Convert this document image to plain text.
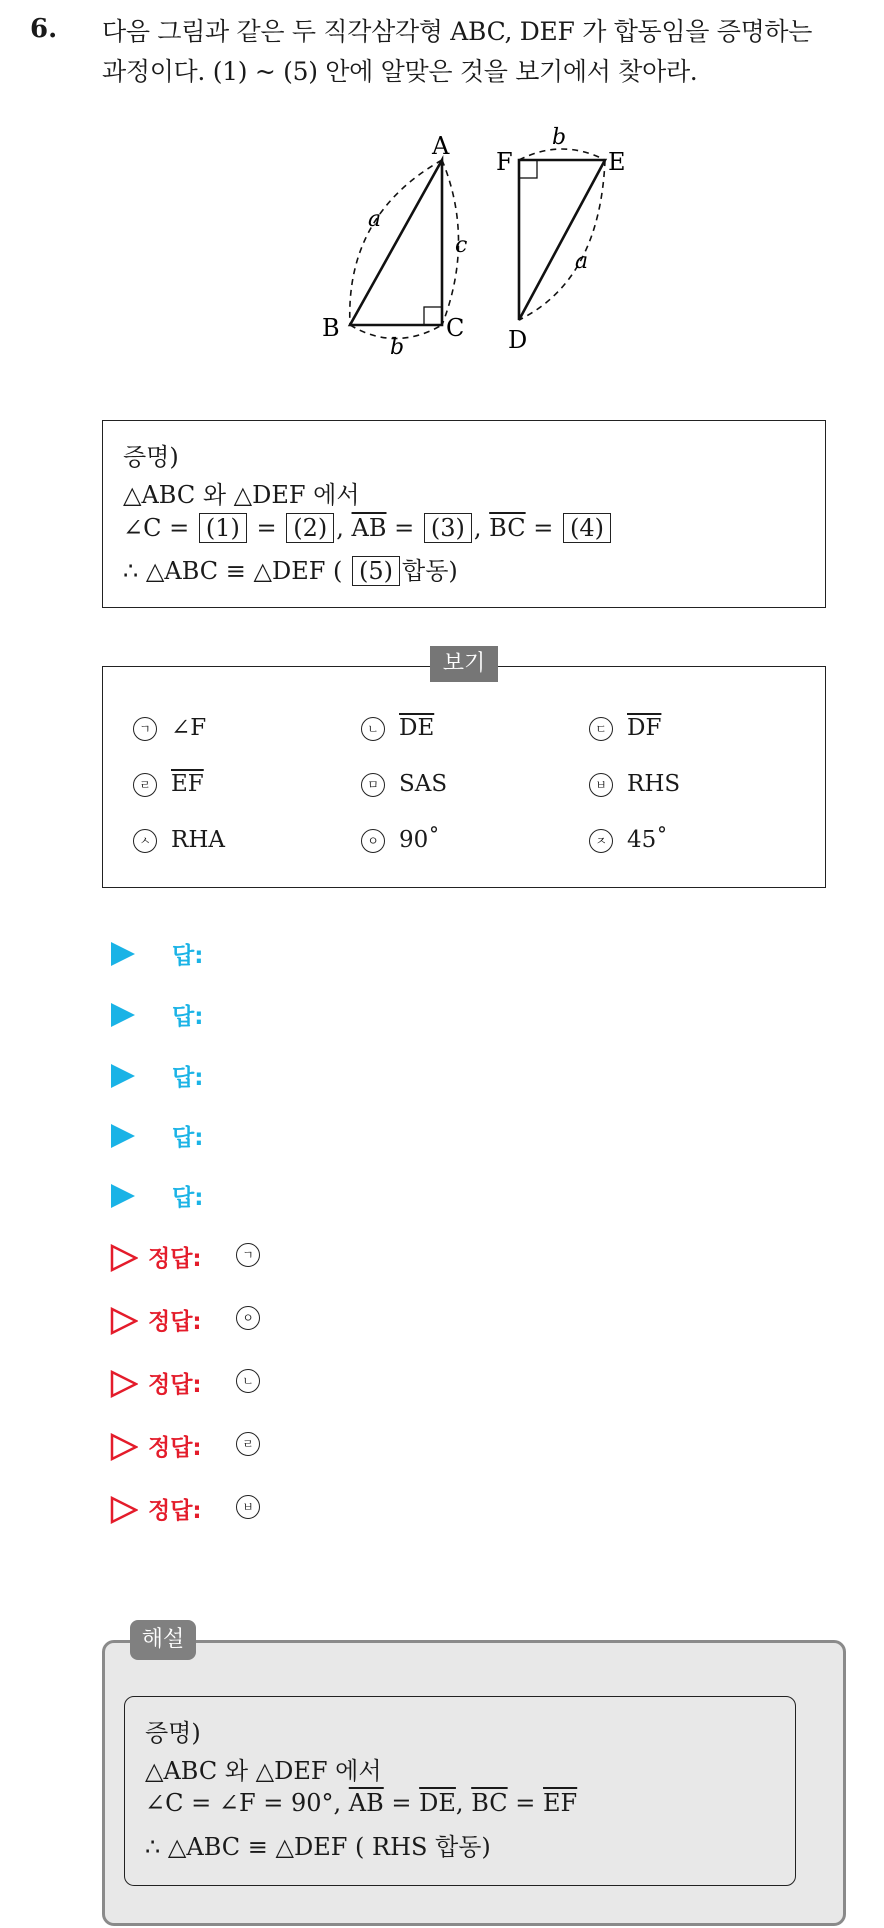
6. 다음 그림과 같은 두 직각삼각형 ABC, DEF 가 합동임을 증명하는
과정이다. (1) ~ (5) 안에 알맞은 것을 보기에서 찾아라.
A
B	C
a
c
b
F	E
D
b
a
증명)
△ABC 와 △DEF 에서
∠C = (1) = (2) , $\overline{AB} = (3)$ , $\overline{BC} = (4)$
∴ △ABC ≡ △DEF ( (5) 합동)
ㄱ ∠F	ㄴ $\overline{DE}$	ㄷ $\overline{DF}$
ㄹ $\overline{EF}$	ㅁ SAS	ㅂ RHS
ㅅ RHA	ㅇ 90˚	ㅈ 45˚
보기
답:
답:
답:
답:
답:
정답:	ㄱ
정답:	ㅇ
정답:	ㄴ
정답:	ㄹ
정답:	ㅂ
해설
증명)
△ABC 와 △DEF 에서
∠C = ∠F = 90°, $\overline{AB} = \overline{DE}$, $\overline{BC} = \overline{EF}$
∴ △ABC ≡ △DEF ( RHS 합동)
